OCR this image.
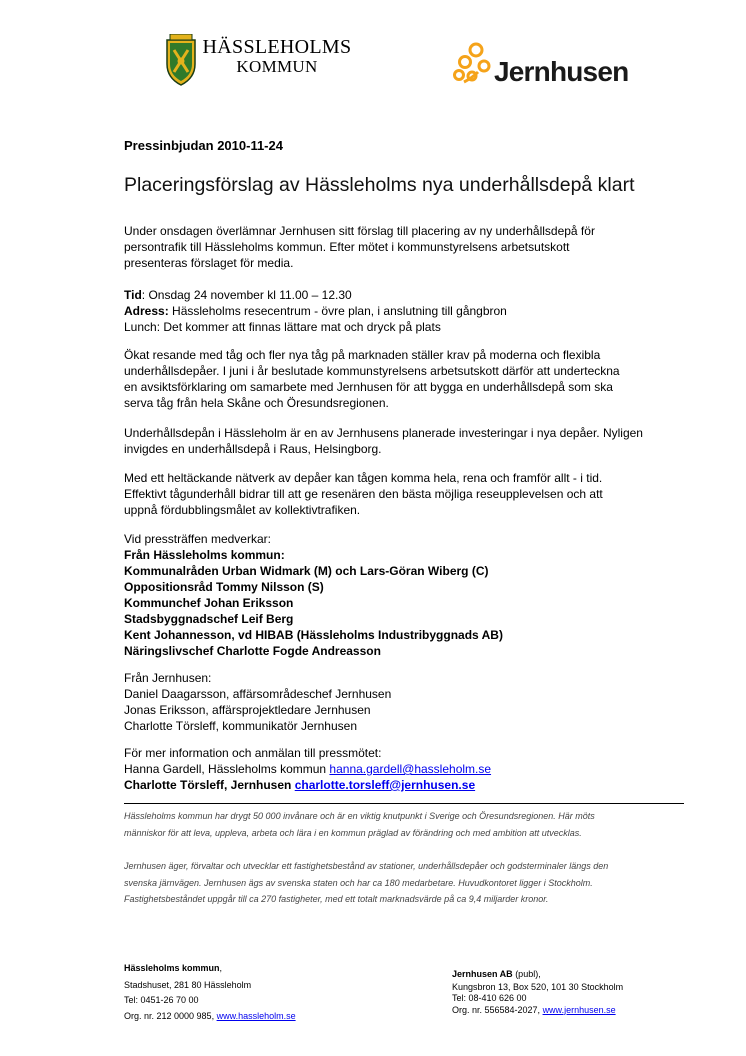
HÄSSLEHOLMS
KOMMUN	Jernhusen
Pressinbjudan 2010-11-24
Placeringsförslag av Hässleholms nya underhållsdepå klart
Under onsdagen överlämnar Jernhusen sitt förslag till placering av ny underhållsdepå för
persontrafik till Hässleholms kommun. Efter mötet i kommunstyrelsens arbetsutskott
presenteras förslaget för media.
Tid: Onsdag 24 november kl 11.00 – 12.30
Adress: Hässleholms resecentrum - övre plan, i anslutning till gångbron
Lunch: Det kommer att finnas lättare mat och dryck på plats
Ökat resande med tåg och fler nya tåg på marknaden ställer krav på moderna och flexibla
underhållsdepåer. I juni i år beslutade kommunstyrelsens arbetsutskott därför att underteckna
en avsiktsförklaring om samarbete med Jernhusen för att bygga en underhållsdepå som ska
serva tåg från hela Skåne och Öresundsregionen.
Underhållsdepån i Hässleholm är en av Jernhusens planerade investeringar i nya depåer. Nyligen
invigdes en underhållsdepå i Raus, Helsingborg.
Med ett heltäckande nätverk av depåer kan tågen komma hela, rena och framför allt - i tid.
Effektivt tågunderhåll bidrar till att ge resenären den bästa möjliga reseupplevelsen och att
uppnå fördubblingsmålet av kollektivtrafiken.
Vid pressträffen medverkar:
Från Hässleholms kommun:
Kommunalråden Urban Widmark (M) och Lars-Göran Wiberg (C)
Oppositionsråd Tommy Nilsson (S)
Kommunchef Johan Eriksson
Stadsbyggnadschef Leif Berg
Kent Johannesson, vd HIBAB (Hässleholms Industribyggnads AB)
Näringslivschef Charlotte Fogde Andreasson
Från Jernhusen:
Daniel Daagarsson, affärsområdeschef Jernhusen
Jonas Eriksson, affärsprojektledare Jernhusen
Charlotte Törsleff, kommunikatör Jernhusen
För mer information och anmälan till pressmötet:
Hanna Gardell, Hässleholms kommun hanna.gardell@hassleholm.se
Charlotte Törsleff, Jernhusen charlotte.torsleff@jernhusen.se
Hässleholms kommun har drygt 50 000 invånare och är en viktig knutpunkt i Sverige och Öresundsregionen. Här möts
människor för att leva, uppleva, arbeta och lära i en kommun präglad av förändring och med ambition att utvecklas.
Jernhusen äger, förvaltar och utvecklar ett fastighetsbestånd av stationer, underhållsdepåer och godsterminaler längs den
svenska järnvägen. Jernhusen ägs av svenska staten och har ca 180 medarbetare. Huvudkontoret ligger i Stockholm.
Fastighetsbeståndet uppgår till ca 270 fastigheter, med ett totalt marknadsvärde på ca 9,4 miljarder kronor.
Hässleholms kommun,
Stadshuset, 281 80 Hässleholm
Tel: 0451-26 70 00
Org. nr. 212 0000 985, www.hassleholm.se
Jernhusen AB (publ),
Kungsbron 13, Box 520, 101 30 Stockholm
Tel: 08-410 626 00
Org. nr. 556584-2027, www.jernhusen.se
